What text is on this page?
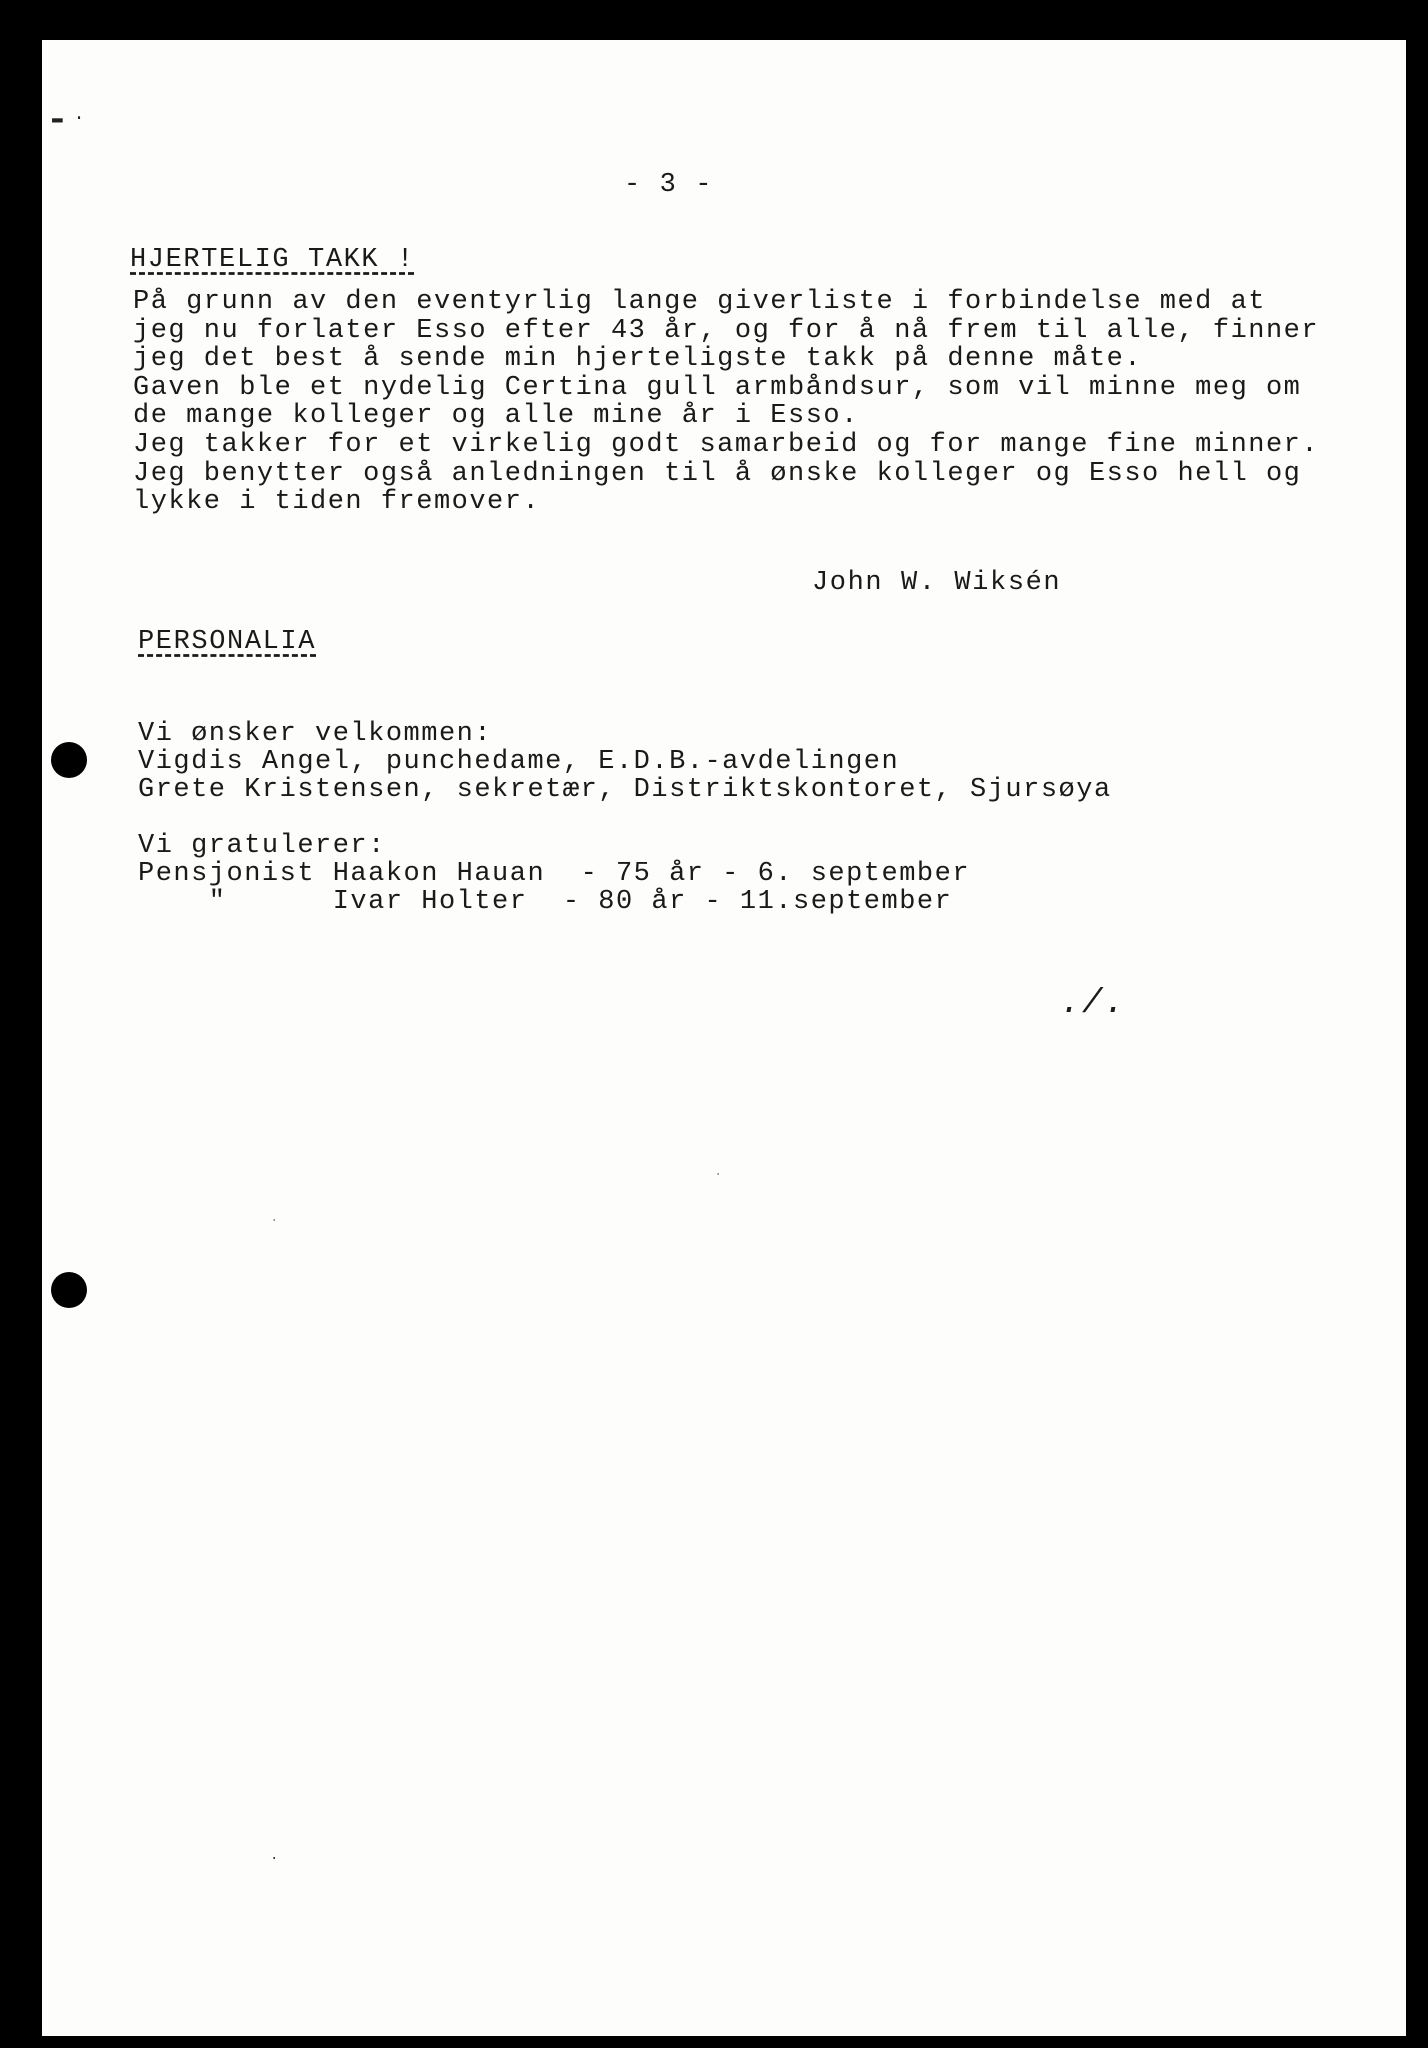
- 3 -
HJERTELIG TAKK !
På grunn av den eventyrlig lange giverliste i forbindelse med at
jeg nu forlater Esso efter 43 år, og for å nå frem til alle, finner
jeg det best å sende min hjerteligste takk på denne måte.
Gaven ble et nydelig Certina gull armbåndsur, som vil minne meg om
de mange kolleger og alle mine år i Esso.
Jeg takker for et virkelig godt samarbeid og for mange fine minner.
Jeg benytter også anledningen til å ønske kolleger og Esso hell og
lykke i tiden fremover.
John W. Wiksén
PERSONALIA
Vi ønsker velkommen:
Vigdis Angel, punchedame, E.D.B.-avdelingen
Grete Kristensen, sekretær, Distriktskontoret, Sjursøya
Vi gratulerer:
Pensjonist Haakon Hauan  - 75 år - 6. september
"      Ivar Holter  - 80 år - 11.september
./.
.
.
.
▬ ·
